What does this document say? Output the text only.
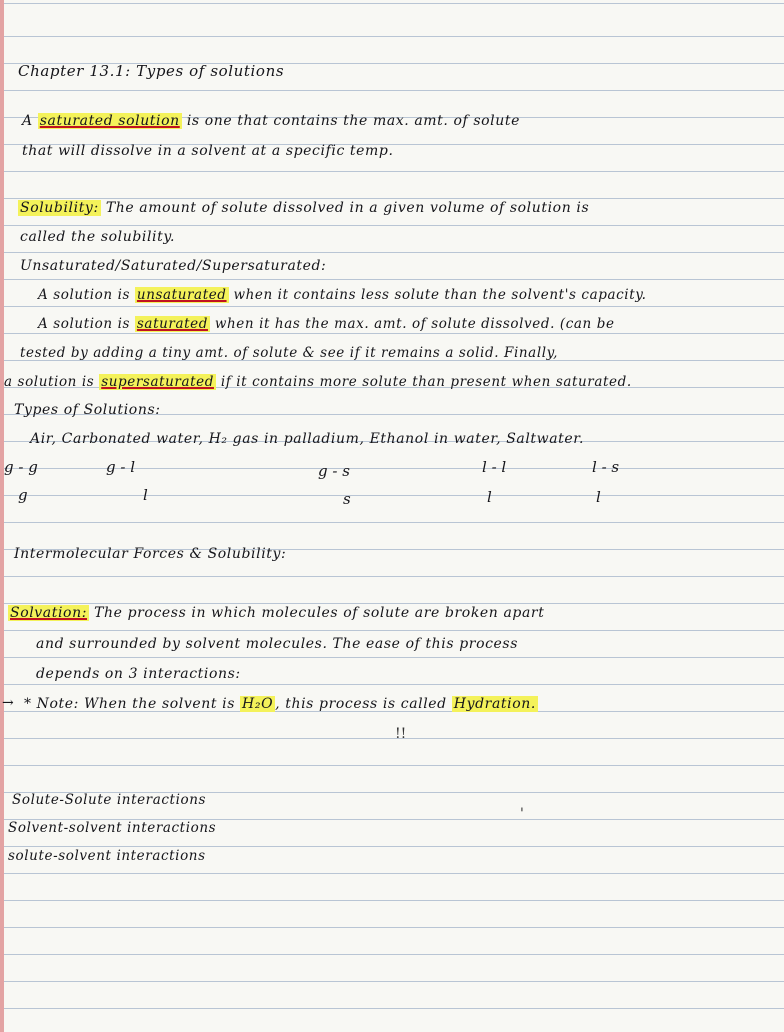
Chapter 13.1: Types of solutions
A saturated solution is one that contains the max. amt. of solute
that will dissolve in a solvent at a specific temp.
Solubility: The amount of solute dissolved in a given volume of solution is
called the solubility.
Unsaturated/Saturated/Supersaturated:
A solution is unsaturated when it contains less solute than the solvent's capacity.
A solution is saturated when it has the max. amt. of solute dissolved. (can be
tested by adding a tiny amt. of solute & see if it remains a solid. Finally,
a solution is supersaturated if it contains more solute than present when saturated.
Types of Solutions:
Air, Carbonated water, H₂ gas in palladium, Ethanol in water, Saltwater.
g - g
g
g - l
l
g - s
s
l - l
l
l - s
l
Intermolecular Forces & Solubility:
Solvation: The process in which molecules of solute are broken apart
and surrounded by solvent molecules. The ease of this process
depends on 3 interactions:
→ * Note: When the solvent is H₂O , this process is called Hydration.
!!
Solute-Solute interactions
Solvent-solvent interactions
solute-solvent interactions
'
